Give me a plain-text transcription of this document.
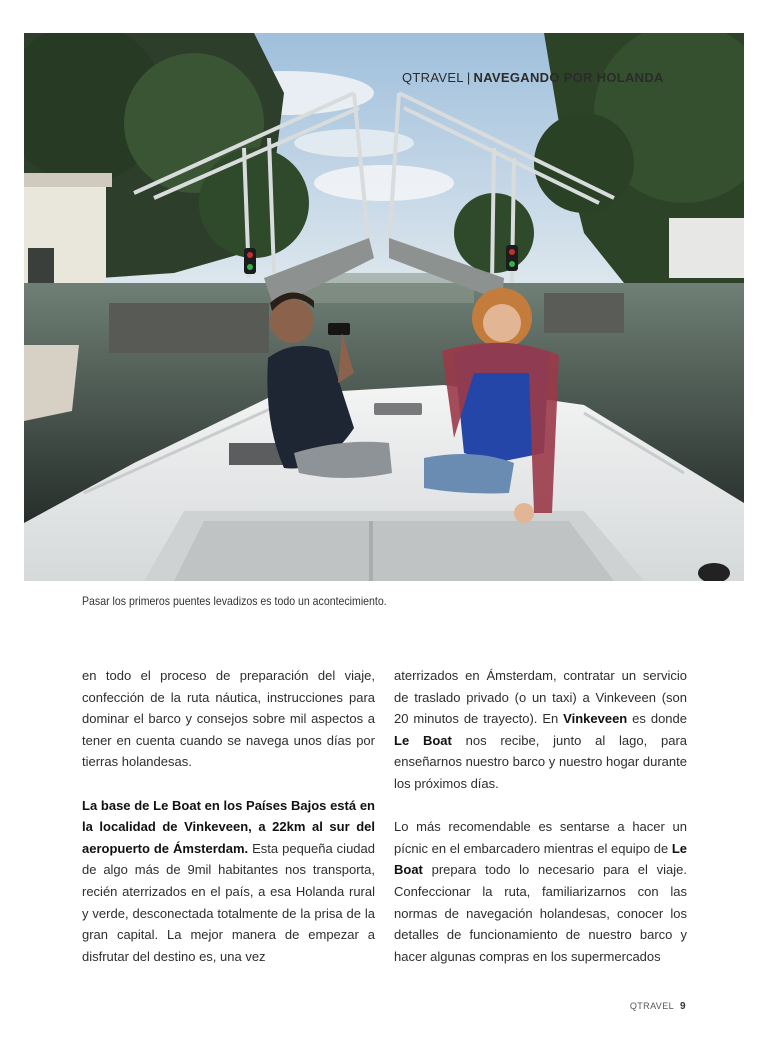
QTRAVEL | NAVEGANDO POR HOLANDA
Pasar los primeros puentes levadizos es todo un acontecimiento.

en todo el proceso de preparación del viaje, confección de la ruta náutica, instrucciones para dominar el barco y consejos sobre mil aspectos a tener en cuenta cuando se navega unos días por tierras holandesas.

La base de Le Boat en los Países Bajos está en la localidad de Vinkeveen, a 22km al sur del aeropuerto de Ámsterdam. Esta pequeña ciudad de algo más de 9mil habitantes nos transporta, recién aterrizados en el país, a esa Holanda rural y verde, desconectada totalmente de la prisa de la gran capital. La mejor manera de empezar a disfrutar del destino es, una vez

aterrizados en Ámsterdam, contratar un servicio de traslado privado (o un taxi) a Vinkeveen (son 20 minutos de trayecto). En Vinkeveen es donde Le Boat nos recibe, junto al lago, para enseñarnos nuestro barco y nuestro hogar durante los próximos días.

Lo más recomendable es sentarse a hacer un pícnic en el embarcadero mientras el equipo de Le Boat prepara todo lo necesario para el viaje. Confeccionar la ruta, familiarizarnos con las normas de navegación holandesas, conocer los detalles de funcionamiento de nuestro barco y hacer algunas compras en los supermercados

QTRAVEL 9
